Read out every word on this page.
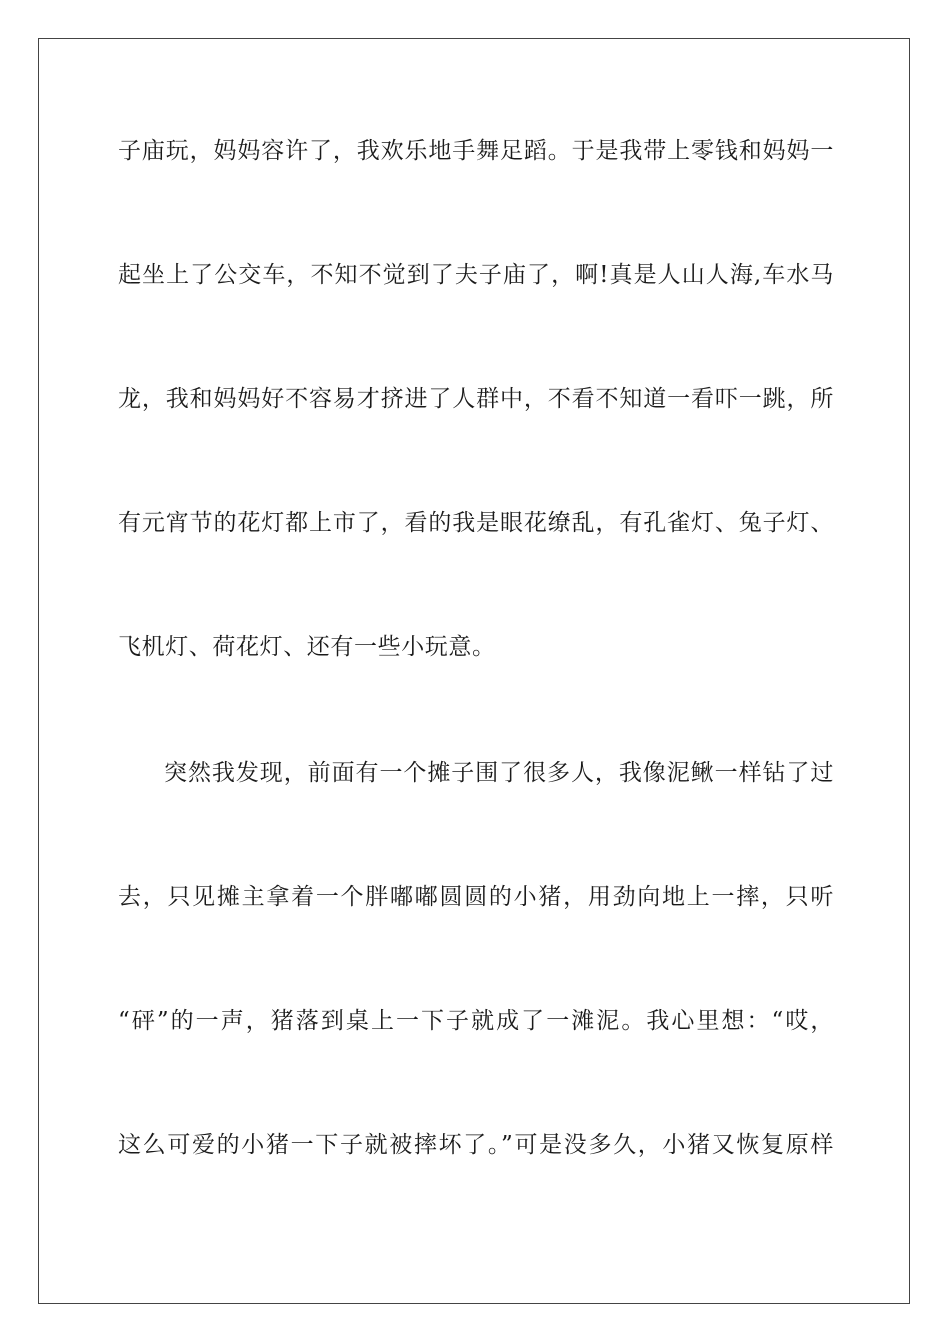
子庙玩，妈妈容许了，我欢乐地手舞足蹈。于是我带上零钱和妈妈一
起坐上了公交车，不知不觉到了夫子庙了，啊!真是人山人海,车水马
龙，我和妈妈好不容易才挤进了人群中，不看不知道一看吓一跳，所
有元宵节的花灯都上市了，看的我是眼花缭乱，有孔雀灯、兔子灯、
飞机灯、荷花灯、还有一些小玩意。
突然我发现，前面有一个摊子围了很多人，我像泥鳅一样钻了过
去，只见摊主拿着一个胖嘟嘟圆圆的小猪，用劲向地上一摔，只听
“砰”的一声，猪落到桌上一下子就成了一滩泥。我心里想：“哎，
这么可爱的小猪一下子就被摔坏了。”可是没多久，小猪又恢复原样
